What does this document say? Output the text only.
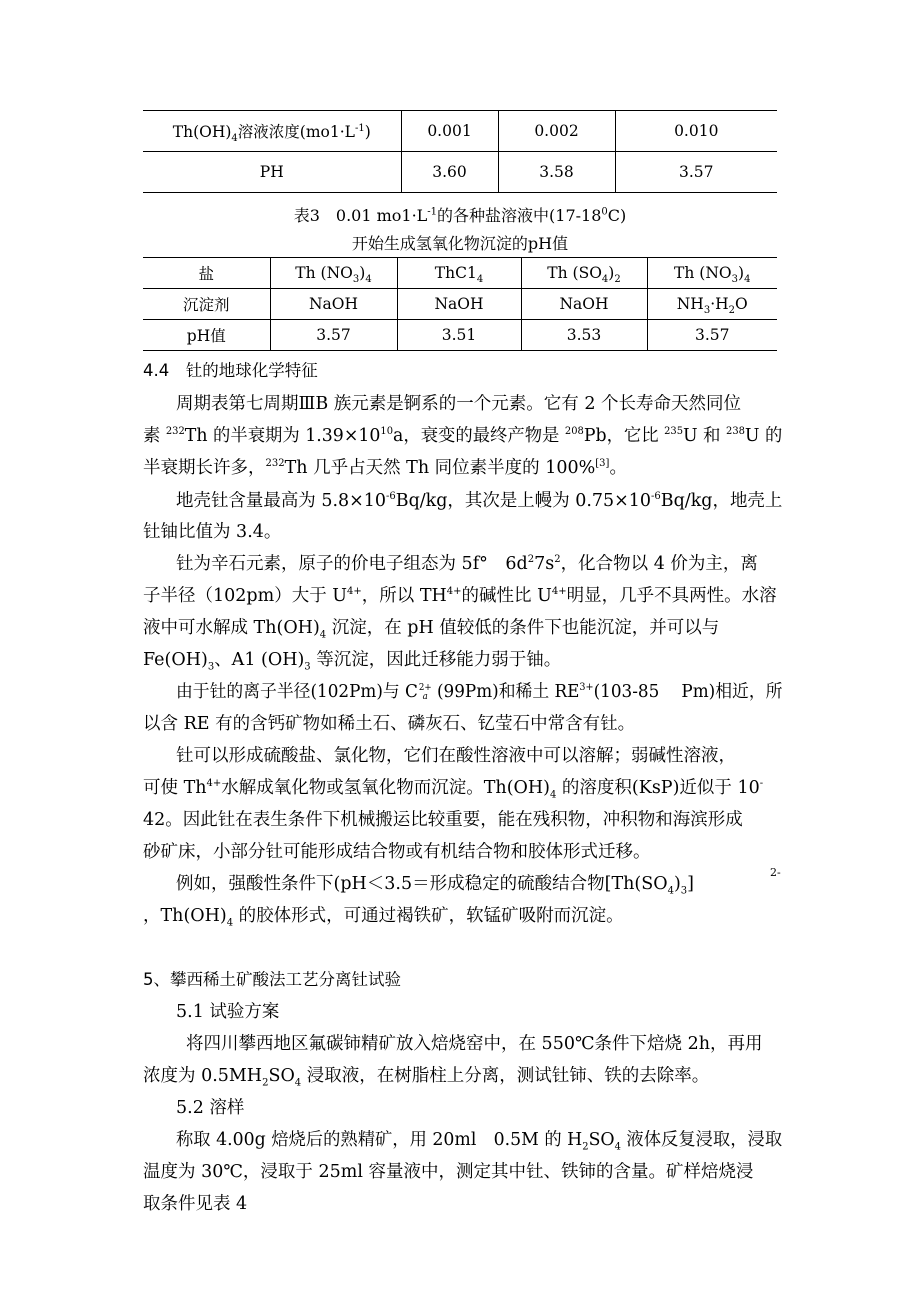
$Th(OH)_4$溶液浓度$(mo1\cdot L^{-1})$	0.001	0.002	0.010
PH	3.60	3.58	3.57
表3　0.01 $mo1\cdot L^{-1}$的各种盐溶液中$(17-18^0C)$
开始生成氢氧化物沉淀的pH值
盐	Th $(NO_3)_4$	$ThC1_4$	Th $(SO_4)_2$	Th $(NO_3)_4$
沉淀剂	NaOH	NaOH	NaOH	$NH_3\cdot H_2O$
pH值	3.57	3.51	3.53	3.57
4.4　钍的地球化学特征
周期表第七周期ⅢB 族元素是锕系的一个元素。它有 2 个长寿命天然同位
素 $^{232}$Th 的半衰期为 $1.39\times 10^{10}a$，衰变的最终产物是 $^{208}$Pb，它比 $^{235}$U 和 $^{238}$U 的
半衰期长许多，$^{232}$Th 几乎占天然 Th 同位素半度的 100%[3]。
地壳钍含量最高为 $5.8\times 10^{-6}Bq/kg$，其次是上幔为 $0.75\times 10^{-6}Bq/kg$，地壳上
钍铀比值为 3.4。
钍为辛石元素，原子的价电子组态为 5f°　$6d^27s^2$，化合物以 4 价为主，离
子半径（102pm）大于 $U^{4+}$，所以 $TH^{4+}$的碱性比 $U^{4+}$明显，几乎不具两性。水溶
液中可水解成 $Th(OH)_4$ 沉淀，在 pH 值较低的条件下也能沉淀，并可以与
$Fe(OH)_3$、A1 $(OH)_3$ 等沉淀，因此迁移能力弱于铀。
由于钍的离子半径(102Pm)与 C 2+
a (99Pm)和稀土 $RE^{3+}(103-85$　 Pm)相近，所
以含 RE 有的含钙矿物如稀土石、磷灰石、钇莹石中常含有钍。
钍可以形成硫酸盐、氯化物，它们在酸性溶液中可以溶解；弱碱性溶液，
可使 $Th^{4+}$水解成氧化物或氢氧化物而沉淀。$Th(OH)_4$ 的溶度积(KsP)近似于 10-
42。因此钍在表生条件下机械搬运比较重要，能在残积物，冲积物和海滨形成
砂矿床，小部分钍可能形成结合物或有机结合物和胶体形式迁移。
例如，强酸性条件下(pH＜3.5＝形成稳定的硫酸结合物$[Th(SO_4)_3]$
2-
，$Th(OH)_4$ 的胶体形式，可通过褐铁矿，软锰矿吸附而沉淀。
5、攀西稀土矿酸法工艺分离钍试验
5.1 试验方案
将四川攀西地区氟碳铈精矿放入焙烧窑中，在 550℃条件下焙烧 2h，再用
浓度为 $0.5MH_2SO_4$ 浸取液，在树脂柱上分离，测试钍铈、铁的去除率。
5.2 溶样
称取 4.00g 焙烧后的熟精矿，用 20ml　0.5M 的 $H_2SO_4$ 液体反复浸取，浸取
温度为 30℃，浸取于 25ml 容量液中，测定其中钍、铁铈的含量。矿样焙烧浸
取条件见表 4
